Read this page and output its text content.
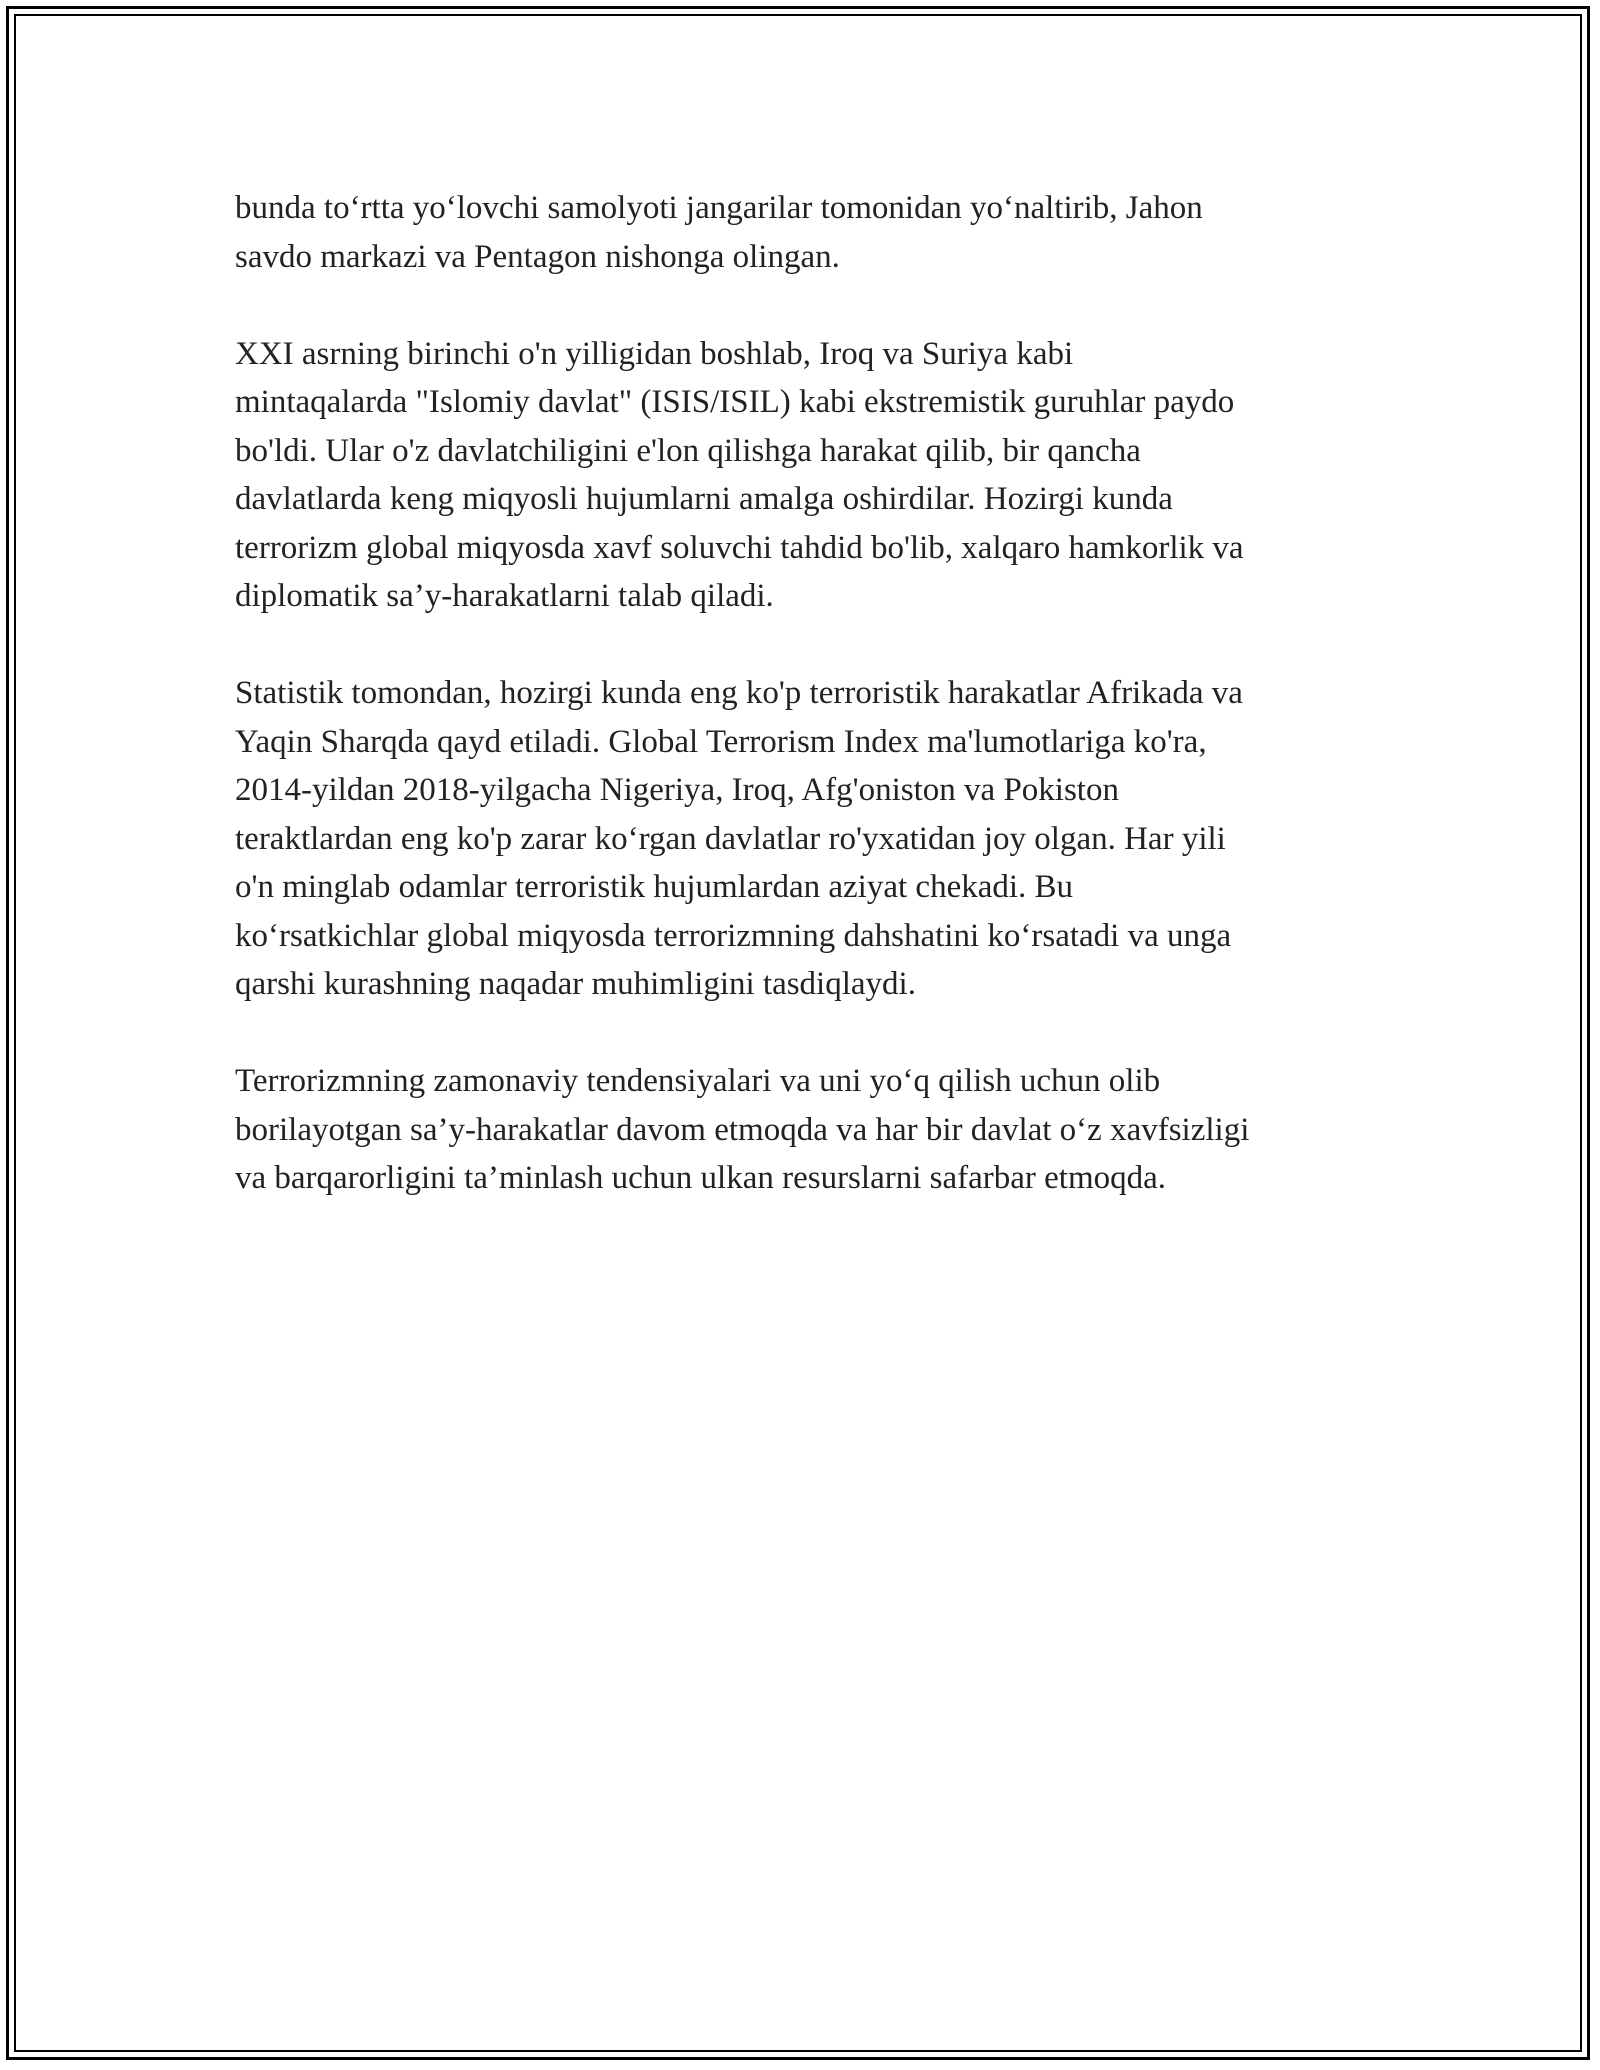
bunda to‘rtta yo‘lovchi samolyoti jangarilar tomonidan yo‘naltirib, Jahon
savdo markazi va Pentagon nishonga olingan.

XXI asrning birinchi o'n yilligidan boshlab, Iroq va Suriya kabi
mintaqalarda "Islomiy davlat" (ISIS/ISIL) kabi ekstremistik guruhlar paydo
bo'ldi. Ular o'z davlatchiligini e'lon qilishga harakat qilib, bir qancha
davlatlarda keng miqyosli hujumlarni amalga oshirdilar. Hozirgi kunda
terrorizm global miqyosda xavf soluvchi tahdid bo'lib, xalqaro hamkorlik va
diplomatik sa’y-harakatlarni talab qiladi.

Statistik tomondan, hozirgi kunda eng ko'p terroristik harakatlar Afrikada va
Yaqin Sharqda qayd etiladi. Global Terrorism Index ma'lumotlariga ko'ra,
2014-yildan 2018-yilgacha Nigeriya, Iroq, Afg'oniston va Pokiston
teraktlardan eng ko'p zarar ko‘rgan davlatlar ro'yxatidan joy olgan. Har yili
o'n minglab odamlar terroristik hujumlardan aziyat chekadi. Bu
ko‘rsatkichlar global miqyosda terrorizmning dahshatini ko‘rsatadi va unga
qarshi kurashning naqadar muhimligini tasdiqlaydi.

Terrorizmning zamonaviy tendensiyalari va uni yo‘q qilish uchun olib
borilayotgan sa’y-harakatlar davom etmoqda va har bir davlat o‘z xavfsizligi
va barqarorligini ta’minlash uchun ulkan resurslarni safarbar etmoqda.
